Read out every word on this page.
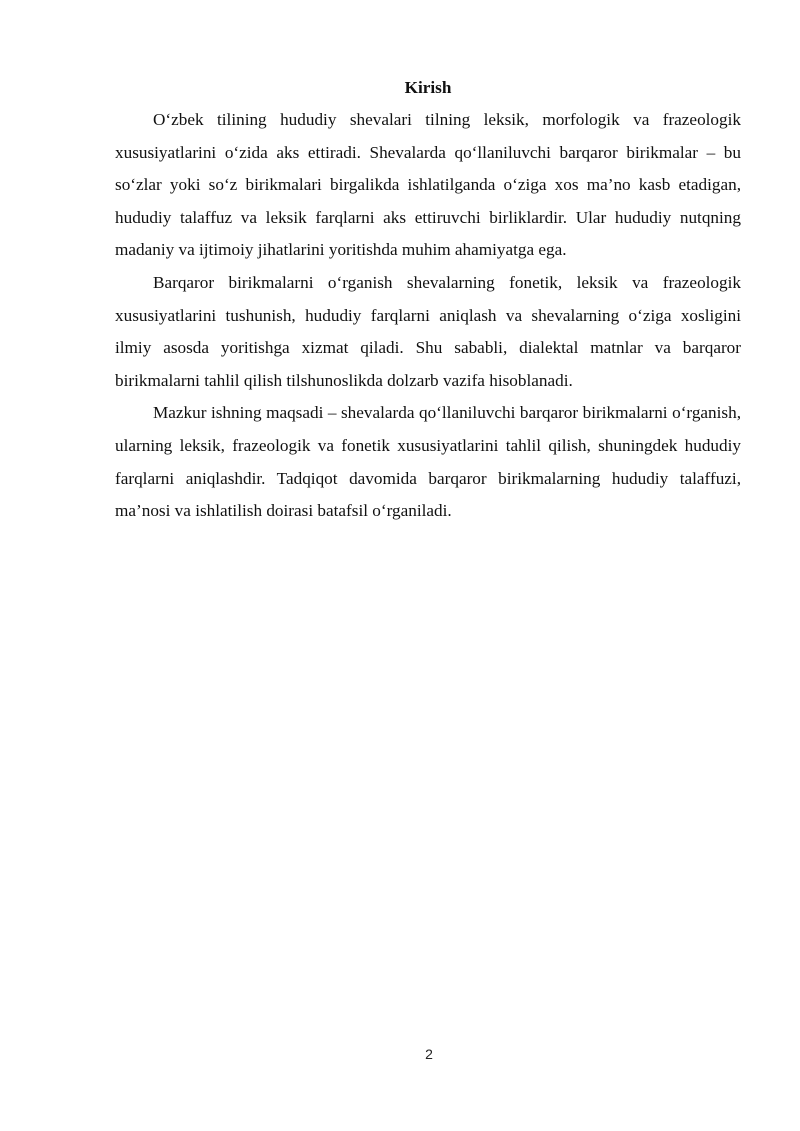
Kirish

O‘zbek tilining hududiy shevalari tilning leksik, morfologik va frazeologik xususiyatlarini o‘zida aks ettiradi. Shevalarda qo‘llaniluvchi barqaror birikmalar – bu so‘zlar yoki so‘z birikmalari birgalikda ishlatilganda o‘ziga xos ma’no kasb etadigan, hududiy talaffuz va leksik farqlarni aks ettiruvchi birliklardir. Ular hududiy nutqning madaniy va ijtimoiy jihatlarini yoritishda muhim ahamiyatga ega.

Barqaror birikmalarni o‘rganish shevalarning fonetik, leksik va frazeologik xususiyatlarini tushunish, hududiy farqlarni aniqlash va shevalarning o‘ziga xosligini ilmiy asosda yoritishga xizmat qiladi. Shu sababli, dialektal matnlar va barqaror birikmalarni tahlil qilish tilshunoslikda dolzarb vazifa hisoblanadi.

Mazkur ishning maqsadi – shevalarda qo‘llaniluvchi barqaror birikmalarni o‘rganish, ularning leksik, frazeologik va fonetik xususiyatlarini tahlil qilish, shuningdek hududiy farqlarni aniqlashdir. Tadqiqot davomida barqaror birikmalarning hududiy talaffuzi, ma’nosi va ishlatilish doirasi batafsil o‘rganiladi.

2
